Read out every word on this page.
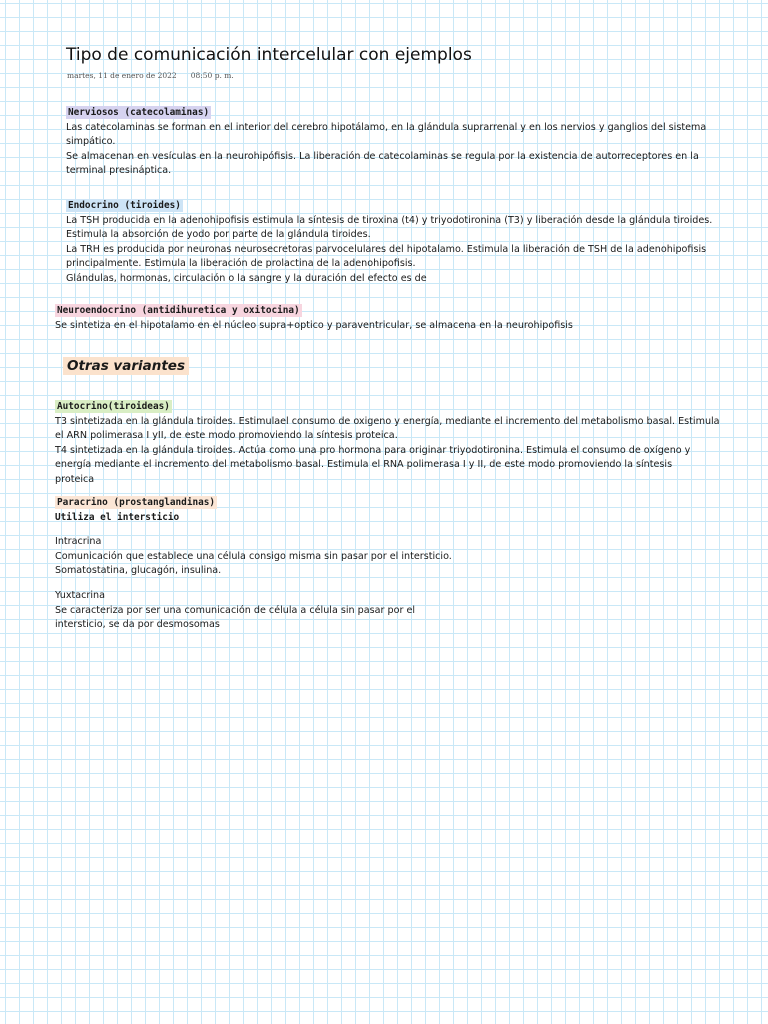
Tipo de comunicación intercelular con ejemplos
martes, 11 de enero de 2022 08:50 p. m.
Nerviosos (catecolaminas)
Las catecolaminas se forman en el interior del cerebro hipotálamo, en la glándula suprarrenal y en los nervios y ganglios del sistema
simpático.
Se almacenan en vesículas en la neurohipófisis. La liberación de catecolaminas se regula por la existencia de autorreceptores en la
terminal presináptica.
Endocrino (tiroides)
La TSH producida en la adenohipofisis estimula la síntesis de tiroxina (t4) y triyodotironina (T3) y liberación desde la glándula tiroides.
Estimula la absorción de yodo por parte de la glándula tiroides.
La TRH es producida por neuronas neurosecretoras parvocelulares del hipotalamo. Estimula la liberación de TSH de la adenohipofisis
principalmente. Estimula la liberación de prolactina de la adenohipofisis.
Glándulas, hormonas, circulación o la sangre y la duración del efecto es de
Neuroendocrino (antidihuretica y oxitocina)
Se sintetiza en el hipotalamo en el núcleo supra+optico y paraventricular, se almacena en la neurohipofisis
Otras variantes
Autocrino(tiroideas)
T3 sintetizada en la glándula tiroides. Estimulael consumo de oxigeno y energía, mediante el incremento del metabolismo basal. Estimula
el ARN polimerasa I yII, de este modo promoviendo la síntesis proteica.
T4 sintetizada en la glándula tiroides. Actúa como una pro hormona para originar triyodotironina. Estimula el consumo de oxígeno y
energía mediante el incremento del metabolismo basal. Estimula el RNA polimerasa I y II, de este modo promoviendo la síntesis
proteica
Paracrino (prostanglandinas)
Utiliza el intersticio
Intracrina
Comunicación que establece una célula consigo misma sin pasar por el intersticio.
Somatostatina, glucagón, insulina.
Yuxtacrina
Se caracteriza por ser una comunicación de célula a célula sin pasar por el
intersticio, se da por desmosomas
